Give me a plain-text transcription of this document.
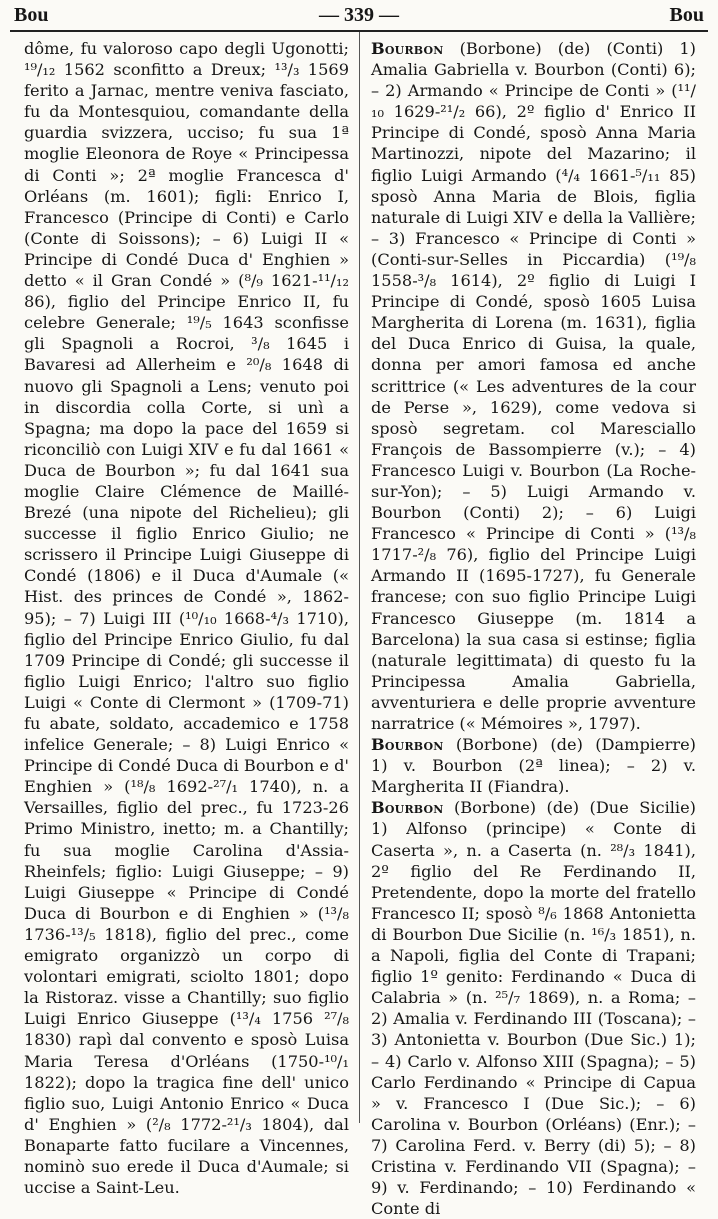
Bou	— 339 —	Bou

dôme, fu valoroso capo degli Ugonotti; ¹⁹/₁₂ 1562 sconfitto a Dreux; ¹³/₃ 1569 ferito a Jarnac, mentre veniva fasciato, fu da Montesquiou, comandante della guardia svizzera, ucciso; fu sua 1ª moglie Eleonora de Roye « Principessa di Conti »; 2ª moglie Francesca d' Orléans (m. 1601); figli: Enrico I, Francesco (Principe di Conti) e Carlo (Conte di Soissons); – 6) Luigi II « Principe di Condé Duca d' Enghien » detto « il Gran Condé » (⁸/₉ 1621-¹¹/₁₂ 86), figlio del Principe Enrico II, fu celebre Generale; ¹⁹/₅ 1643 sconfisse gli Spagnoli a Rocroi, ³/₈ 1645 i Bavaresi ad Allerheim e ²⁰/₈ 1648 di nuovo gli Spagnoli a Lens; venuto poi in discordia colla Corte, si unì a Spagna; ma dopo la pace del 1659 si riconciliò con Luigi XIV e fu dal 1661 « Duca de Bourbon »; fu dal 1641 sua moglie Claire Clémence de Maillé-Brezé (una nipote del Richelieu); gli successe il figlio Enrico Giulio; ne scrissero il Principe Luigi Giuseppe di Condé (1806) e il Duca d'Aumale (« Hist. des princes de Condé », 1862-95); – 7) Luigi III (¹⁰/₁₀ 1668-⁴/₃ 1710), figlio del Principe Enrico Giulio, fu dal 1709 Principe di Condé; gli successe il figlio Luigi Enrico; l'altro suo figlio Luigi « Conte di Clermont » (1709-71) fu abate, soldato, accademico e 1758 infelice Generale; – 8) Luigi Enrico « Principe di Condé Duca di Bourbon e d' Enghien » (¹⁸/₈ 1692-²⁷/₁ 1740), n. a Versailles, figlio del prec., fu 1723-26 Primo Ministro, inetto; m. a Chantilly; fu sua moglie Carolina d'Assia-Rheinfels; figlio: Luigi Giuseppe; – 9) Luigi Giuseppe « Principe di Condé Duca di Bourbon e di Enghien » (¹³/₈ 1736-¹³/₅ 1818), figlio del prec., come emigrato organizzò un corpo di volontari emigrati, sciolto 1801; dopo la Ristoraz. visse a Chantilly; suo figlio Luigi Enrico Giuseppe (¹³/₄ 1756 ²⁷/₈ 1830) rapì dal convento e sposò Luisa Maria Teresa d'Orléans (1750-¹⁰/₁ 1822); dopo la tragica fine dell' unico figlio suo, Luigi Antonio Enrico « Duca d' Enghien » (²/₈ 1772-²¹/₃ 1804), dal Bonaparte fatto fucilare a Vincennes, nominò suo erede il Duca d'Aumale; si uccise a Saint-Leu.

Bourbon (Borbone) (de) (Conti) 1) Amalia Gabriella v. Bourbon (Conti) 6); – 2) Armando « Principe de Conti » (¹¹/₁₀ 1629-²¹/₂ 66), 2º figlio d' Enrico II Principe di Condé, sposò Anna Maria Martinozzi, nipote del Mazarino; il figlio Luigi Armando (⁴/₄ 1661-⁵/₁₁ 85) sposò Anna Maria de Blois, figlia naturale di Luigi XIV e della la Vallière; – 3) Francesco « Principe di Conti » (Conti-sur-Selles in Piccardia) (¹⁹/₈ 1558-³/₈ 1614), 2º figlio di Luigi I Principe di Condé, sposò 1605 Luisa Margherita di Lorena (m. 1631), figlia del Duca Enrico di Guisa, la quale, donna per amori famosa ed anche scrittrice (« Les adventures de la cour de Perse », 1629), come vedova si sposò segretam. col Maresciallo François de Bassompierre (v.); – 4) Francesco Luigi v. Bourbon (La Roche-sur-Yon); – 5) Luigi Armando v. Bourbon (Conti) 2); – 6) Luigi Francesco « Principe di Conti » (¹³/₈ 1717-²/₈ 76), figlio del Principe Luigi Armando II (1695-1727), fu Generale francese; con suo figlio Principe Luigi Francesco Giuseppe (m. 1814 a Barcelona) la sua casa si estinse; figlia (naturale legittimata) di questo fu la Principessa Amalia Gabriella, avventuriera e delle proprie avventure narratrice (« Mémoires », 1797).

Bourbon (Borbone) (de) (Dampierre) 1) v. Bourbon (2ª linea); – 2) v. Margherita II (Fiandra).

Bourbon (Borbone) (de) (Due Sicilie) 1) Alfonso (principe) « Conte di Caserta », n. a Caserta (n. ²⁸/₃ 1841), 2º figlio del Re Ferdinando II, Pretendente, dopo la morte del fratello Francesco II; sposò ⁸/₆ 1868 Antonietta di Bourbon Due Sicilie (n. ¹⁶/₃ 1851), n. a Napoli, figlia del Conte di Trapani; figlio 1º genito: Ferdinando « Duca di Calabria » (n. ²⁵/₇ 1869), n. a Roma; – 2) Amalia v. Ferdinando III (Toscana); – 3) Antonietta v. Bourbon (Due Sic.) 1); – 4) Carlo v. Alfonso XIII (Spagna); – 5) Carlo Ferdinando « Principe di Capua » v. Francesco I (Due Sic.); – 6) Carolina v. Bourbon (Orléans) (Enr.); – 7) Carolina Ferd. v. Berry (di) 5); – 8) Cristina v. Ferdinando VII (Spagna); – 9) v. Ferdinando; – 10) Ferdinando « Conte di
